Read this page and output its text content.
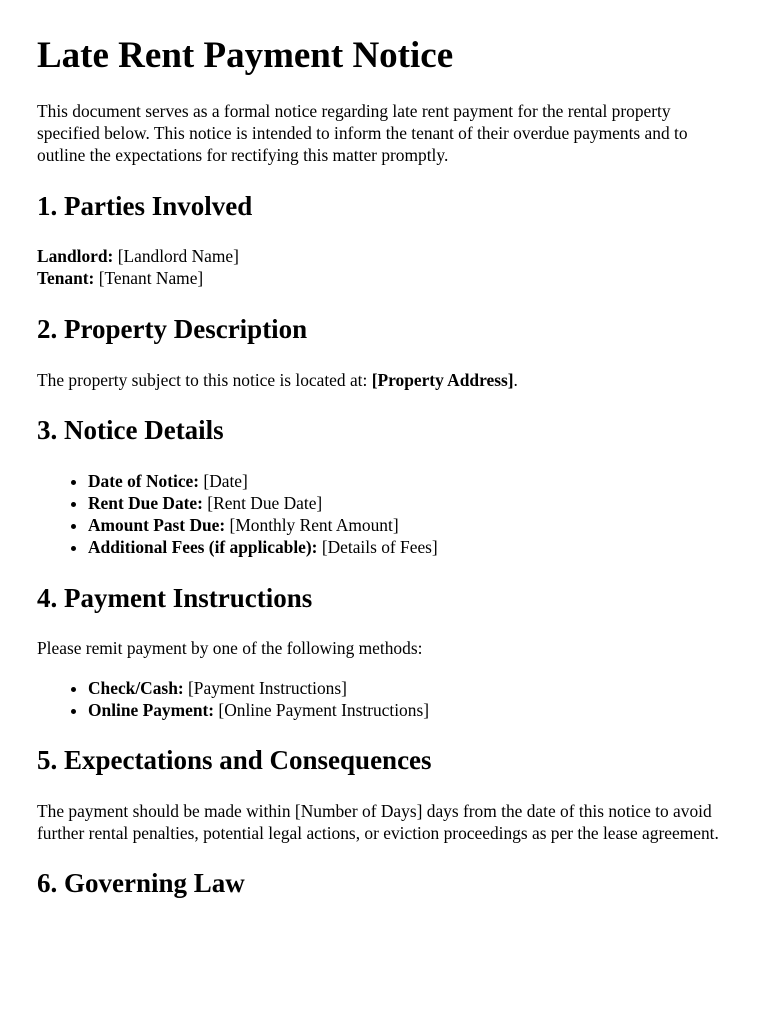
Late Rent Payment Notice

This document serves as a formal notice regarding late rent payment for the rental property specified below. This notice is intended to inform the tenant of their overdue payments and to outline the expectations for rectifying this matter promptly.

1. Parties Involved

Landlord: [Landlord Name]
Tenant: [Tenant Name]

2. Property Description

The property subject to this notice is located at: [Property Address].

3. Notice Details
• Date of Notice: [Date]
• Rent Due Date: [Rent Due Date]
• Amount Past Due: [Monthly Rent Amount]
• Additional Fees (if applicable): [Details of Fees]
4. Payment Instructions

Please remit payment by one of the following methods:

• Check/Cash: [Payment Instructions]
• Online Payment: [Online Payment Instructions]
5. Expectations and Consequences

The payment should be made within [Number of Days] days from the date of this notice to avoid further rental penalties, potential legal actions, or eviction proceedings as per the lease agreement.

6. Governing Law
